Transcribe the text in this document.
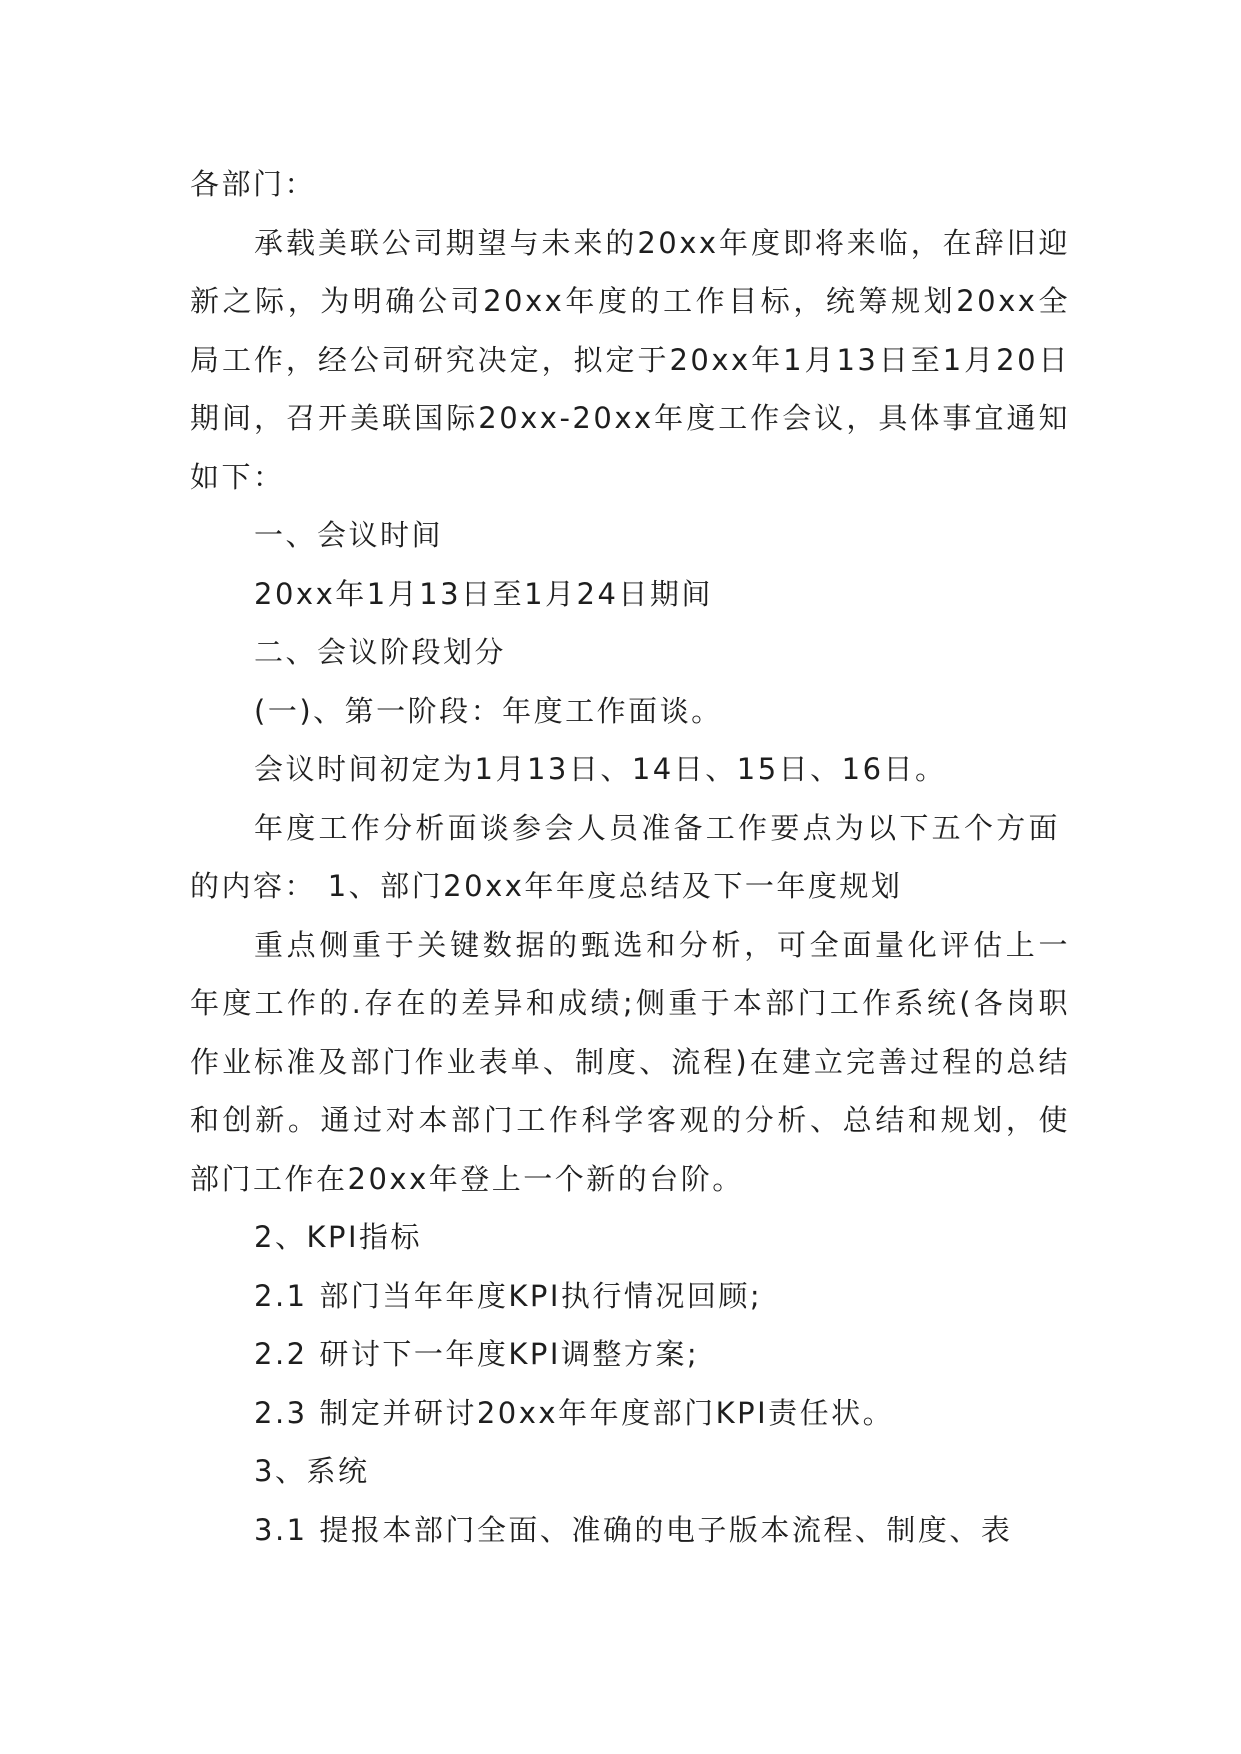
各部门：

承载美联公司期望与未来的20xx年度即将来临，在辞旧迎新之际，为明确公司20xx年度的工作目标，统筹规划20xx全局工作，经公司研究决定，拟定于20xx年1月13日至1月20日期间，召开美联国际20xx-20xx年度工作会议，具体事宜通知如下：

一、会议时间

20xx年1月13日至1月24日期间

二、会议阶段划分

(一)、第一阶段：年度工作面谈。

会议时间初定为1月13日、14日、15日、16日。

年度工作分析面谈参会人员准备工作要点为以下五个方面的内容： 1、部门20xx年年度总结及下一年度规划

重点侧重于关键数据的甄选和分析，可全面量化评估上一年度工作的.存在的差异和成绩;侧重于本部门工作系统(各岗职作业标准及部门作业表单、制度、流程)在建立完善过程的总结和创新。通过对本部门工作科学客观的分析、总结和规划，使部门工作在20xx年登上一个新的台阶。

2、KPI指标

2.1 部门当年年度KPI执行情况回顾;

2.2 研讨下一年度KPI调整方案;

2.3 制定并研讨20xx年年度部门KPI责任状。

3、系统

3.1 提报本部门全面、准确的电子版本流程、制度、表
